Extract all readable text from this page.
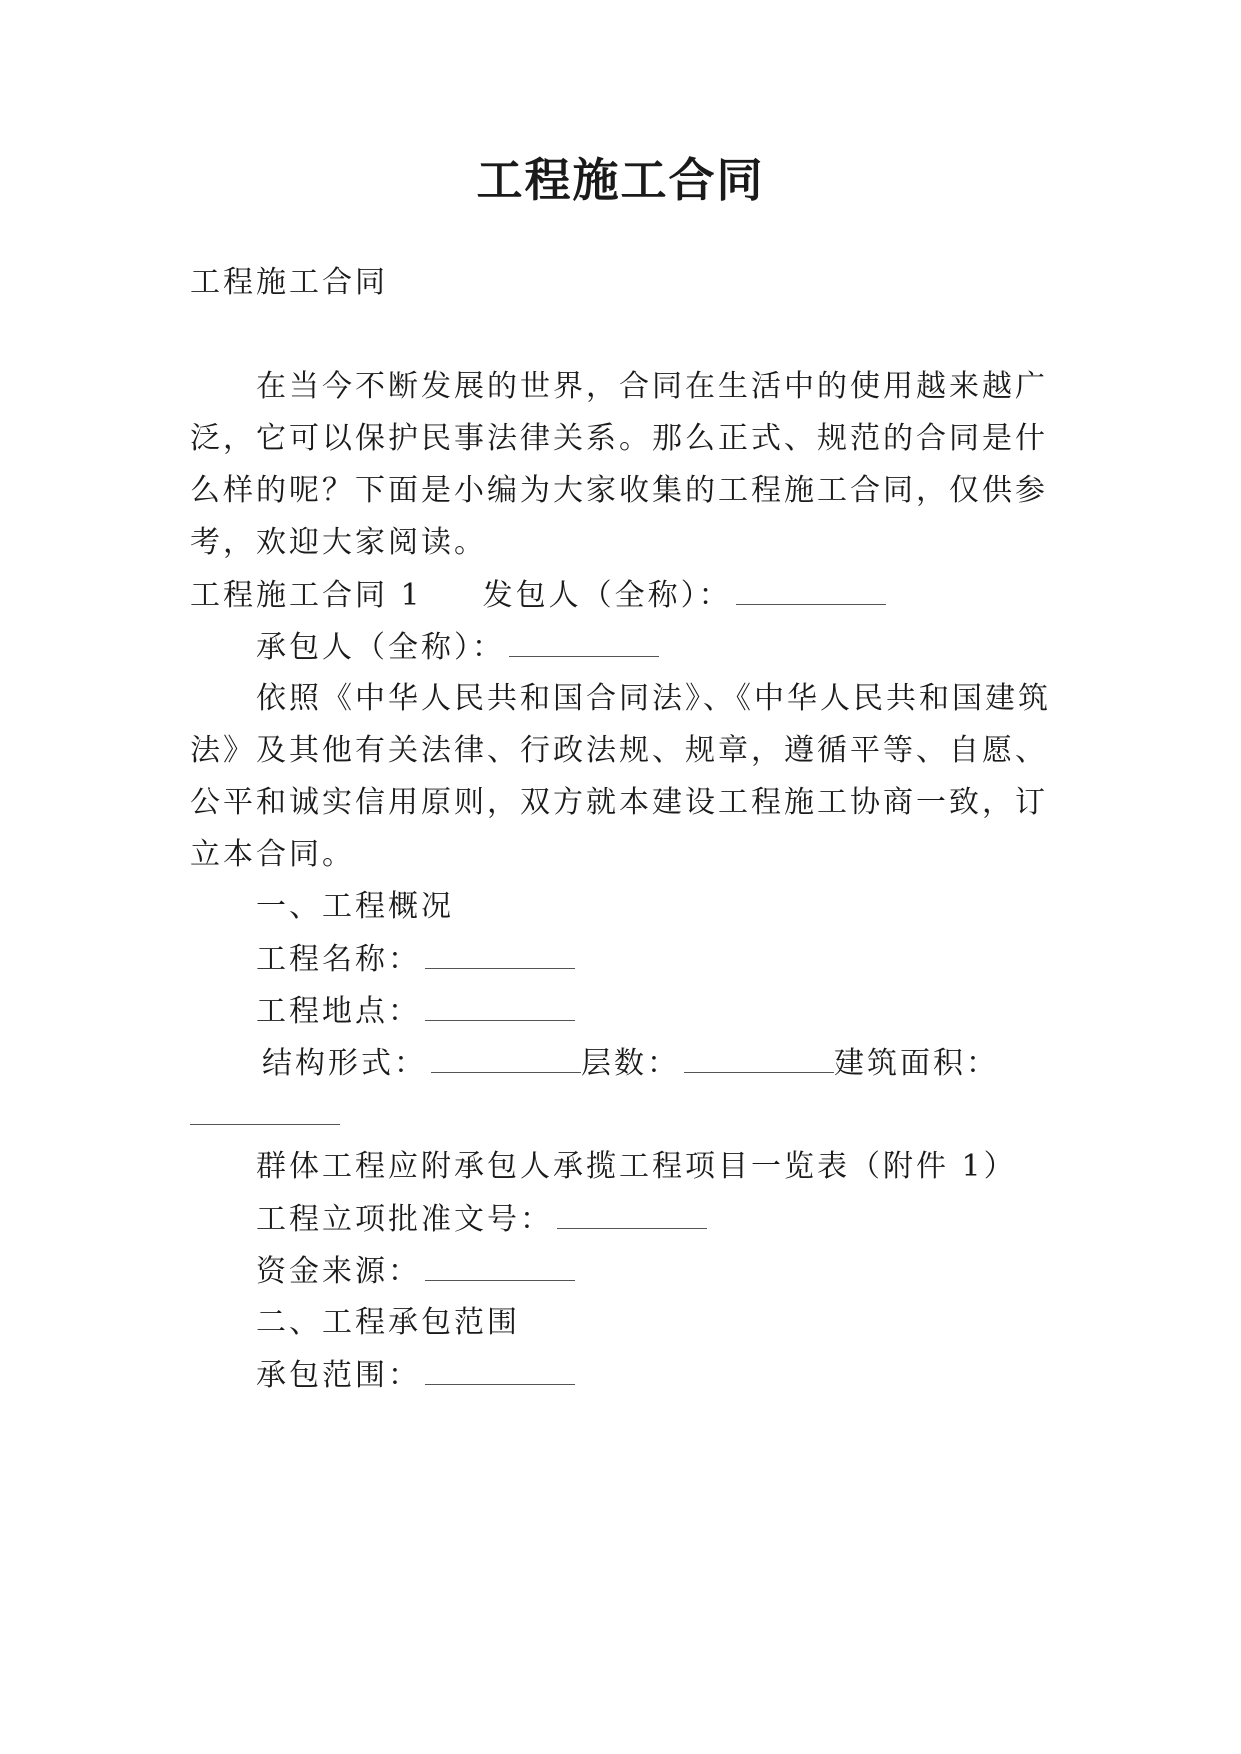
工程施工合同
工程施工合同
在当今不断发展的世界，合同在生活中的使用越来越广
泛，它可以保护民事法律关系。那么正式、规范的合同是什
么样的呢？下面是小编为大家收集的工程施工合同，仅供参
考，欢迎大家阅读。
工程施工合同 1 发包人（全称）：
承包人（全称）：
依照《中华人民共和国合同法》、《中华人民共和国建筑
法》及其他有关法律、行政法规、规章，遵循平等、自愿、
公平和诚实信用原则，双方就本建设工程施工协商一致，订
立本合同。
一、工程概况
工程名称：
工程地点：
结构形式：	层数：	建筑面积：
群体工程应附承包人承揽工程项目一览表（附件 1）
工程立项批准文号：
资金来源：
二、工程承包范围
承包范围：
